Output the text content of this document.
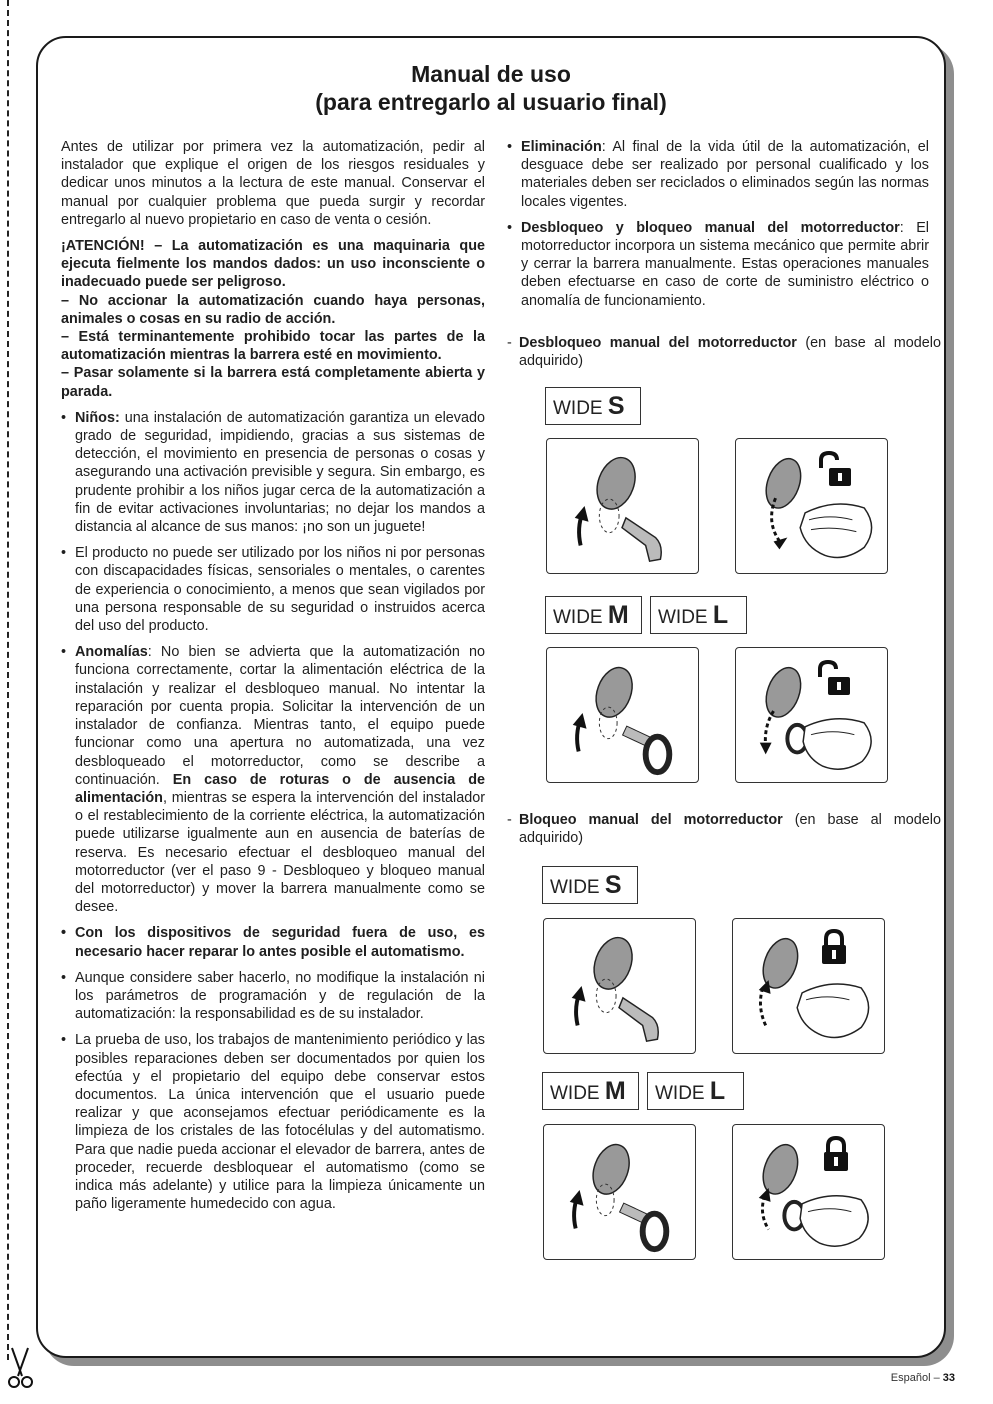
Manual de uso
(para entregarlo al usuario final)

Antes de utilizar por primera vez la automatización, pedir al instalador que explique el origen de los riesgos residuales y dedicar unos minutos a la lectura de este manual. Conservar el manual por cualquier problema que pueda surgir y recordar entregarlo al nuevo propietario en caso de venta o cesión.

¡ATENCIÓN! – La automatización es una maquinaria que ejecuta fielmente los mandos dados: un uso inconsciente o inadecuado puede ser peligroso.

– No accionar la automatización cuando haya personas, animales o cosas en su radio de acción.

– Está terminantemente prohibido tocar las partes de la automatización mientras la barrera esté en movimiento.

– Pasar solamente si la barrera está completamente abierta y parada.

• Niños: una instalación de automatización garantiza un elevado grado de seguridad, impidiendo, gracias a sus sistemas de detección, el movimiento en presencia de personas o cosas y asegurando una activación previsible y segura. Sin embargo, es prudente prohibir a los niños jugar cerca de la automatización a fin de evitar activaciones involuntarias; no dejar los mandos a distancia al alcance de sus manos: ¡no son un juguete!
• El producto no puede ser utilizado por los niños ni por personas con discapacidades físicas, sensoriales o mentales, o carentes de experiencia o conocimiento, a menos que sean vigilados por una persona responsable de su seguridad o instruidos acerca del uso del producto.
• Anomalías: No bien se advierta que la automatización no funciona correctamente, cortar la alimentación eléctrica de la instalación y realizar el desbloqueo manual. No intentar la reparación por cuenta propia. Solicitar la intervención de un instalador de confianza. Mientras tanto, el equipo puede funcionar como una apertura no automatizada, una vez desbloqueado el motorreductor, como se describe a continuación. En caso de roturas o de ausencia de alimentación, mientras se espera la intervención del instalador o el restablecimiento de la corriente eléctrica, la automatización puede utilizarse igualmente aun en ausencia de baterías de reserva. Es necesario efectuar el desbloqueo manual del motorreductor (ver el paso 9 - Desbloqueo y bloqueo manual del motorreductor) y mover la barrera manualmente como se desee.
• Con los dispositivos de seguridad fuera de uso, es necesario hacer reparar lo antes posible el automatismo.
• Aunque considere saber hacerlo, no modifique la instalación ni los parámetros de programación y de regulación de la automatización: la responsabilidad es de su instalador.
• La prueba de uso, los trabajos de mantenimiento periódico y las posibles reparaciones deben ser documentados por quien los efectúa y el propietario del equipo debe conservar estos documentos. La única intervención que el usuario puede realizar y que aconsejamos efectuar periódicamente es la limpieza de los cristales de las fotocélulas y del automatismo. Para que nadie pueda accionar el elevador de barrera, antes de proceder, recuerde desbloquear el automatismo (como se indica más adelante) y utilice para la limpieza únicamente un paño ligeramente humedecido con agua.
• Eliminación: Al final de la vida útil de la automatización, el desguace debe ser realizado por personal cualificado y los materiales deben ser reciclados o eliminados según las normas locales vigentes.
• Desbloqueo y bloqueo manual del motorreductor: El motorreductor incorpora un sistema mecánico que permite abrir y cerrar la barrera manualmente. Estas operaciones manuales deben efectuarse en caso de corte de suministro eléctrico o anomalía de funcionamiento.
- Desbloqueo manual del motorreductor (en base al modelo adquirido)
- Bloqueo manual del motorreductor (en base al modelo adquirido)
WIDE S
WIDE M	WIDE L
WIDE S
WIDE M	WIDE L
Español – 33
